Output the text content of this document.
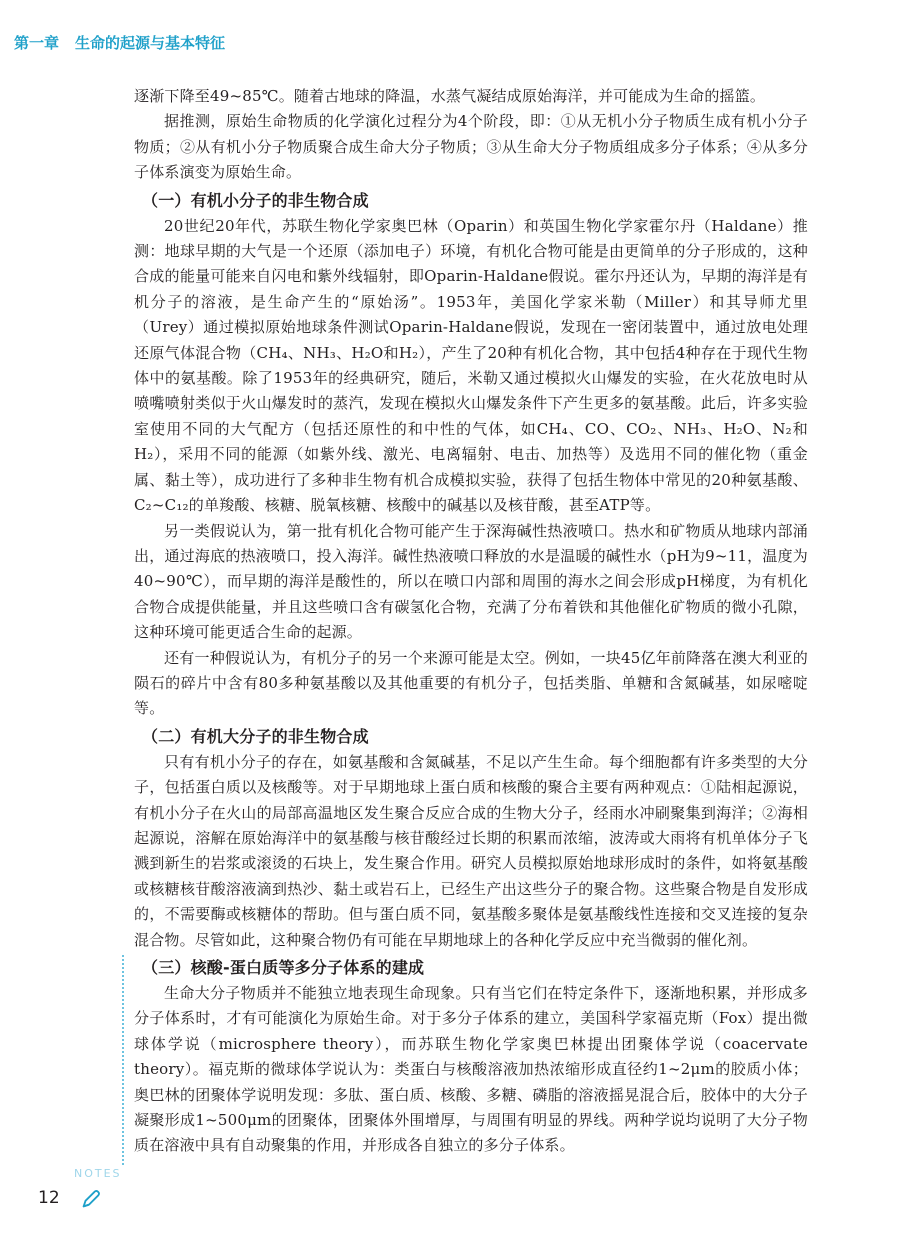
第一章 生命的起源与基本特征

逐渐下降至49~85℃。随着古地球的降温，水蒸气凝结成原始海洋，并可能成为生命的摇篮。

据推测，原始生命物质的化学演化过程分为4个阶段，即：①从无机小分子物质生成有机小分子物质；②从有机小分子物质聚合成生命大分子物质；③从生命大分子物质组成多分子体系；④从多分子体系演变为原始生命。

（一）有机小分子的非生物合成

20世纪20年代，苏联生物化学家奥巴林（Oparin）和英国生物化学家霍尔丹（Haldane）推测：地球早期的大气是一个还原（添加电子）环境，有机化合物可能是由更简单的分子形成的，这种合成的能量可能来自闪电和紫外线辐射，即Oparin-Haldane假说。霍尔丹还认为，早期的海洋是有机分子的溶液，是生命产生的“原始汤”。1953年，美国化学家米勒（Miller）和其导师尤里（Urey）通过模拟原始地球条件测试Oparin-Haldane假说，发现在一密闭装置中，通过放电处理还原气体混合物（CH₄、NH₃、H₂O和H₂），产生了20种有机化合物，其中包括4种存在于现代生物体中的氨基酸。除了1953年的经典研究，随后，米勒又通过模拟火山爆发的实验，在火花放电时从喷嘴喷射类似于火山爆发时的蒸汽，发现在模拟火山爆发条件下产生更多的氨基酸。此后，许多实验室使用不同的大气配方（包括还原性的和中性的气体，如CH₄、CO、CO₂、NH₃、H₂O、N₂和H₂），采用不同的能源（如紫外线、激光、电离辐射、电击、加热等）及选用不同的催化物（重金属、黏土等），成功进行了多种非生物有机合成模拟实验，获得了包括生物体中常见的20种氨基酸、C₂~C₁₂的单羧酸、核糖、脱氧核糖、核酸中的碱基以及核苷酸，甚至ATP等。

另一类假说认为，第一批有机化合物可能产生于深海碱性热液喷口。热水和矿物质从地球内部涌出，通过海底的热液喷口，投入海洋。碱性热液喷口释放的水是温暖的碱性水（pH为9~11，温度为40~90℃），而早期的海洋是酸性的，所以在喷口内部和周围的海水之间会形成pH梯度，为有机化合物合成提供能量，并且这些喷口含有碳氢化合物，充满了分布着铁和其他催化矿物质的微小孔隙，这种环境可能更适合生命的起源。

还有一种假说认为，有机分子的另一个来源可能是太空。例如，一块45亿年前降落在澳大利亚的陨石的碎片中含有80多种氨基酸以及其他重要的有机分子，包括类脂、单糖和含氮碱基，如尿嘧啶等。

（二）有机大分子的非生物合成

只有有机小分子的存在，如氨基酸和含氮碱基，不足以产生生命。每个细胞都有许多类型的大分子，包括蛋白质以及核酸等。对于早期地球上蛋白质和核酸的聚合主要有两种观点：①陆相起源说，有机小分子在火山的局部高温地区发生聚合反应合成的生物大分子，经雨水冲刷聚集到海洋；②海相起源说，溶解在原始海洋中的氨基酸与核苷酸经过长期的积累而浓缩，波涛或大雨将有机单体分子飞溅到新生的岩浆或滚烫的石块上，发生聚合作用。研究人员模拟原始地球形成时的条件，如将氨基酸或核糖核苷酸溶液滴到热沙、黏土或岩石上，已经生产出这些分子的聚合物。这些聚合物是自发形成的，不需要酶或核糖体的帮助。但与蛋白质不同，氨基酸多聚体是氨基酸线性连接和交叉连接的复杂混合物。尽管如此，这种聚合物仍有可能在早期地球上的各种化学反应中充当微弱的催化剂。

（三）核酸-蛋白质等多分子体系的建成

生命大分子物质并不能独立地表现生命现象。只有当它们在特定条件下，逐渐地积累，并形成多分子体系时，才有可能演化为原始生命。对于多分子体系的建立，美国科学家福克斯（Fox）提出微球体学说（microsphere theory），而苏联生物化学家奥巴林提出团聚体学说（coacervate theory）。福克斯的微球体学说认为：类蛋白与核酸溶液加热浓缩形成直径约1~2μm的胶质小体；奥巴林的团聚体学说明发现：多肽、蛋白质、核酸、多糖、磷脂的溶液摇晃混合后，胶体中的大分子凝聚形成1~500μm的团聚体，团聚体外围增厚，与周围有明显的界线。两种学说均说明了大分子物质在溶液中具有自动聚集的作用，并形成各自独立的多分子体系。

NOTES
12
